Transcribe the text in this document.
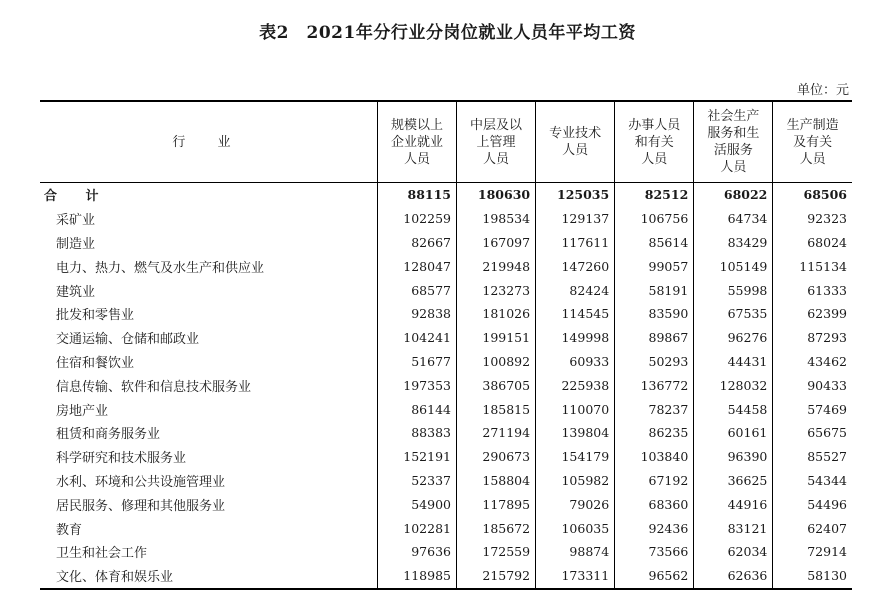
表2　2021年分行业分岗位就业人员年平均工资
单位：元
行 业	规模以上
企业就业
人员	中层及以
上管理
人员	专业技术
人员	办事人员
和有关
人员	社会生产
服务和生
活服务
人员	生产制造
及有关
人员

合 计	88115	180630	125035	82512	68022	68506
采矿业	102259	198534	129137	106756	64734	92323
制造业	82667	167097	117611	85614	83429	68024
电力、热力、燃气及水生产和供应业	128047	219948	147260	99057	105149	115134
建筑业	68577	123273	82424	58191	55998	61333
批发和零售业	92838	181026	114545	83590	67535	62399
交通运输、仓储和邮政业	104241	199151	149998	89867	96276	87293
住宿和餐饮业	51677	100892	60933	50293	44431	43462
信息传输、软件和信息技术服务业	197353	386705	225938	136772	128032	90433
房地产业	86144	185815	110070	78237	54458	57469
租赁和商务服务业	88383	271194	139804	86235	60161	65675
科学研究和技术服务业	152191	290673	154179	103840	96390	85527
水利、环境和公共设施管理业	52337	158804	105982	67192	36625	54344
居民服务、修理和其他服务业	54900	117895	79026	68360	44916	54496
教育	102281	185672	106035	92436	83121	62407
卫生和社会工作	97636	172559	98874	73566	62034	72914
文化、体育和娱乐业	118985	215792	173311	96562	62636	58130
